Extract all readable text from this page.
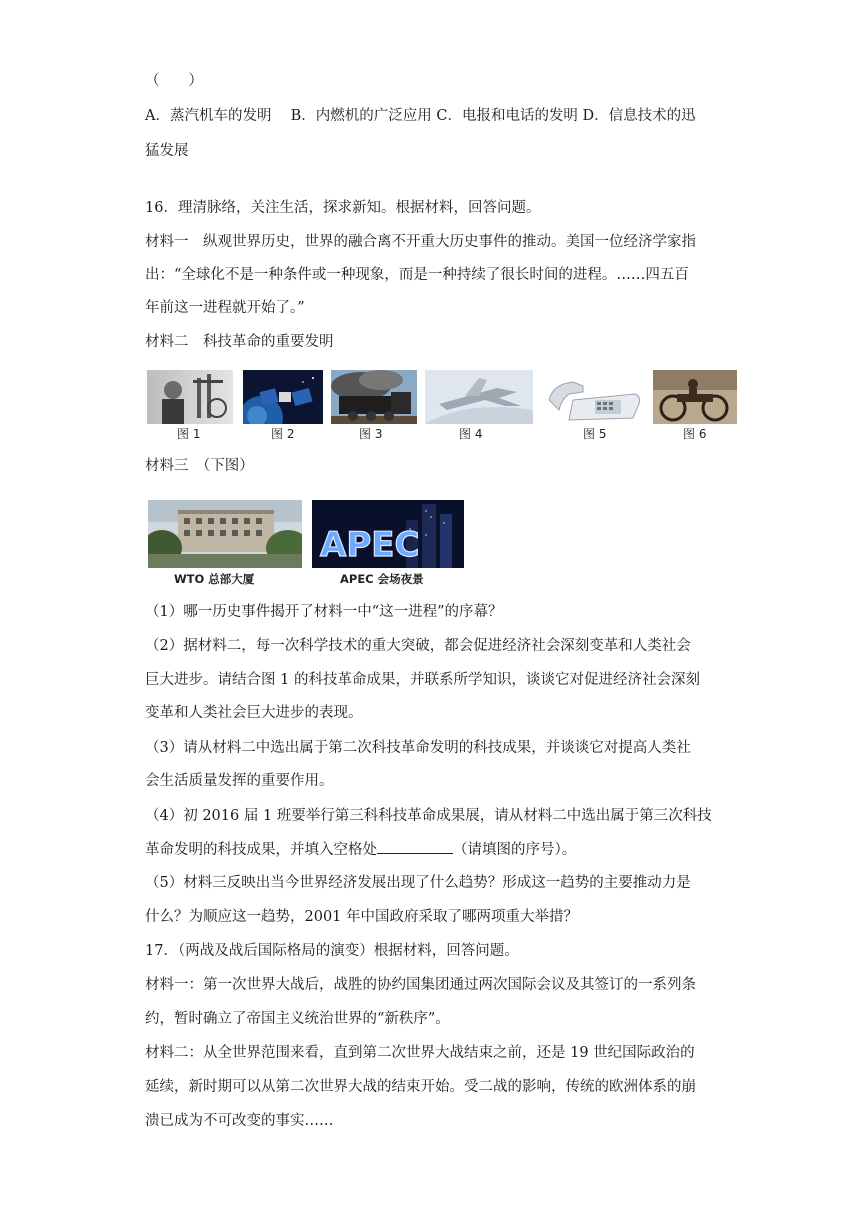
（　　）
A．蒸汽机车的发明　 B．内燃机的广泛应用 C．电报和电话的发明 D．信息技术的迅
猛发展
16．理清脉络，关注生活，探求新知。根据材料，回答问题。
材料一　纵观世界历史，世界的融合离不开重大历史事件的推动。美国一位经济学家指
出：“全球化不是一种条件或一种现象，而是一种持续了很长时间的进程。……四五百
年前这一进程就开始了。”
材料二　科技革命的重要发明
图 1	图 2	图 3	图 4	图 5	图 6
材料三　（下图）
WTO 总部大厦
APEC
APEC 会场夜景
（1）哪一历史事件揭开了材料一中“这一进程”的序幕？
（2）据材料二，每一次科学技术的重大突破，都会促进经济社会深刻变革和人类社会
巨大进步。请结合图 1 的科技革命成果，并联系所学知识，谈谈它对促进经济社会深刻
变革和人类社会巨大进步的表现。
（3）请从材料二中选出属于第二次科技革命发明的科技成果，并谈谈它对提高人类社
会生活质量发挥的重要作用。
（4）初 2016 届 1 班要举行第三科科技革命成果展，请从材料二中选出属于第三次科技
革命发明的科技成果，并填入空格处	（请填图的序号）。
（5）材料三反映出当今世界经济发展出现了什么趋势？形成这一趋势的主要推动力是
什么？为顺应这一趋势，2001 年中国政府采取了哪两项重大举措？
17．（两战及战后国际格局的演变）根据材料，回答问题。
材料一：第一次世界大战后，战胜的协约国集团通过两次国际会议及其签订的一系列条
约，暂时确立了帝国主义统治世界的“新秩序”。
材料二：从全世界范围来看，直到第二次世界大战结束之前，还是 19 世纪国际政治的
延续，新时期可以从第二次世界大战的结束开始。受二战的影响，传统的欧洲体系的崩
溃已成为不可改变的事实……
